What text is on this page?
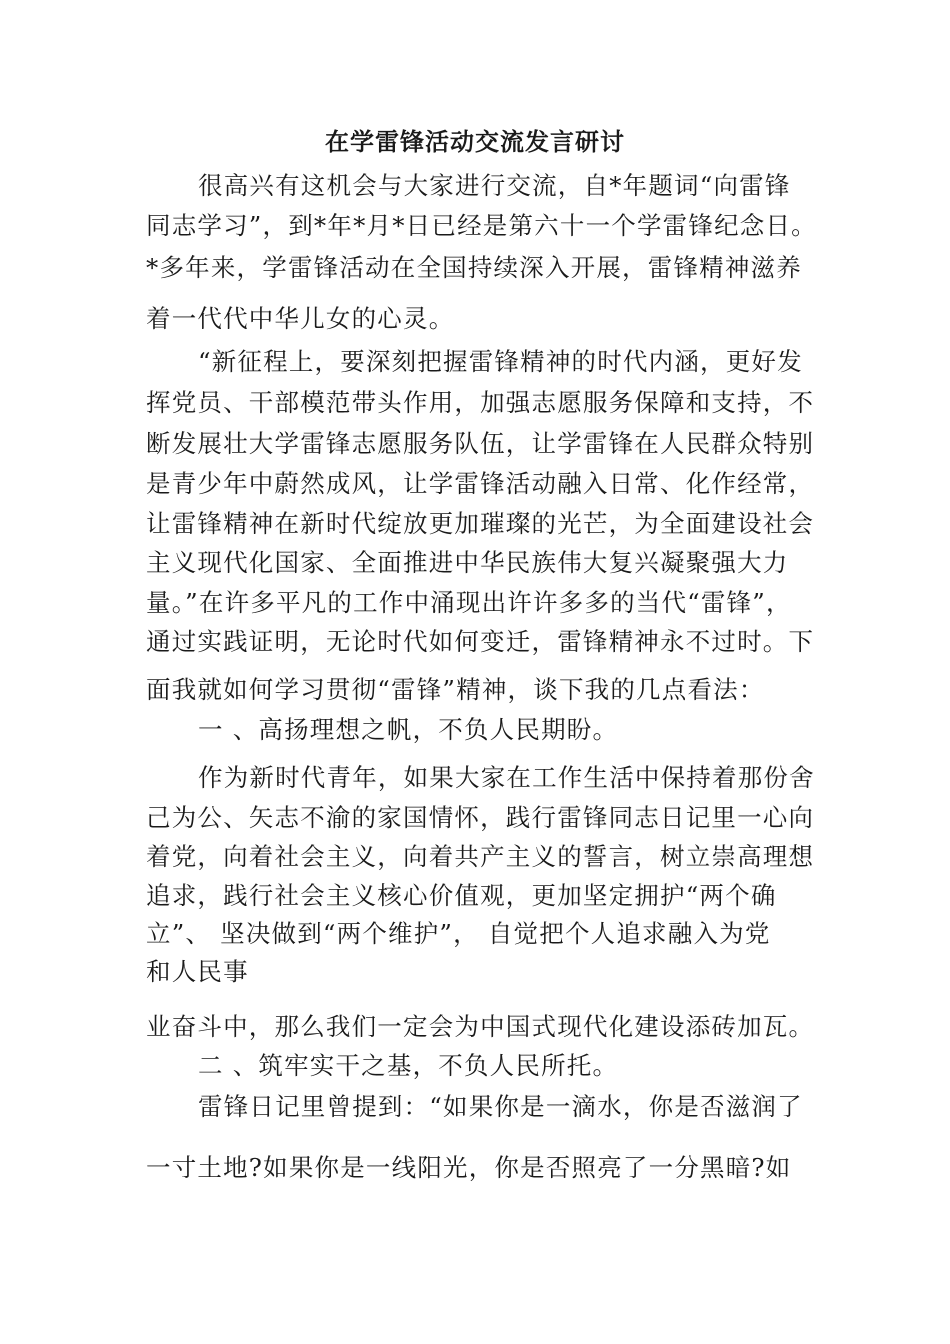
在学雷锋活动交流发言研讨
很高兴有这机会与大家进行交流，自*年题词“向雷锋
同志学习”，到*年*月*日已经是第六十一个学雷锋纪念日。
*多年来，学雷锋活动在全国持续深入开展，雷锋精神滋养
着一代代中华儿女的心灵。
“新征程上，要深刻把握雷锋精神的时代内涵，更好发
挥党员、干部模范带头作用，加强志愿服务保障和支持，不
断发展壮大学雷锋志愿服务队伍，让学雷锋在人民群众特别
是青少年中蔚然成风，让学雷锋活动融入日常、化作经常，
让雷锋精神在新时代绽放更加璀璨的光芒，为全面建设社会
主义现代化国家、全面推进中华民族伟大复兴凝聚强大力
量。”在许多平凡的工作中涌现出许许多多的当代“雷锋”，
通过实践证明，无论时代如何变迁，雷锋精神永不过时。下
面我就如何学习贯彻“雷锋”精神，谈下我的几点看法：
一 、高扬理想之帆，不负人民期盼。
作为新时代青年，如果大家在工作生活中保持着那份舍
己为公、矢志不渝的家国情怀，践行雷锋同志日记里一心向
着党，向着社会主义，向着共产主义的誓言，树立崇高理想
追求，践行社会主义核心价值观，更加坚定拥护“两个确
立”、 坚决做到“两个维护”， 自觉把个人追求融入为党
和人民事
业奋斗中，那么我们一定会为中国式现代化建设添砖加瓦。
二 、筑牢实干之基，不负人民所托。
雷锋日记里曾提到：“如果你是一滴水，你是否滋润了
一寸土地?如果你是一线阳光，你是否照亮了一分黑暗?如
